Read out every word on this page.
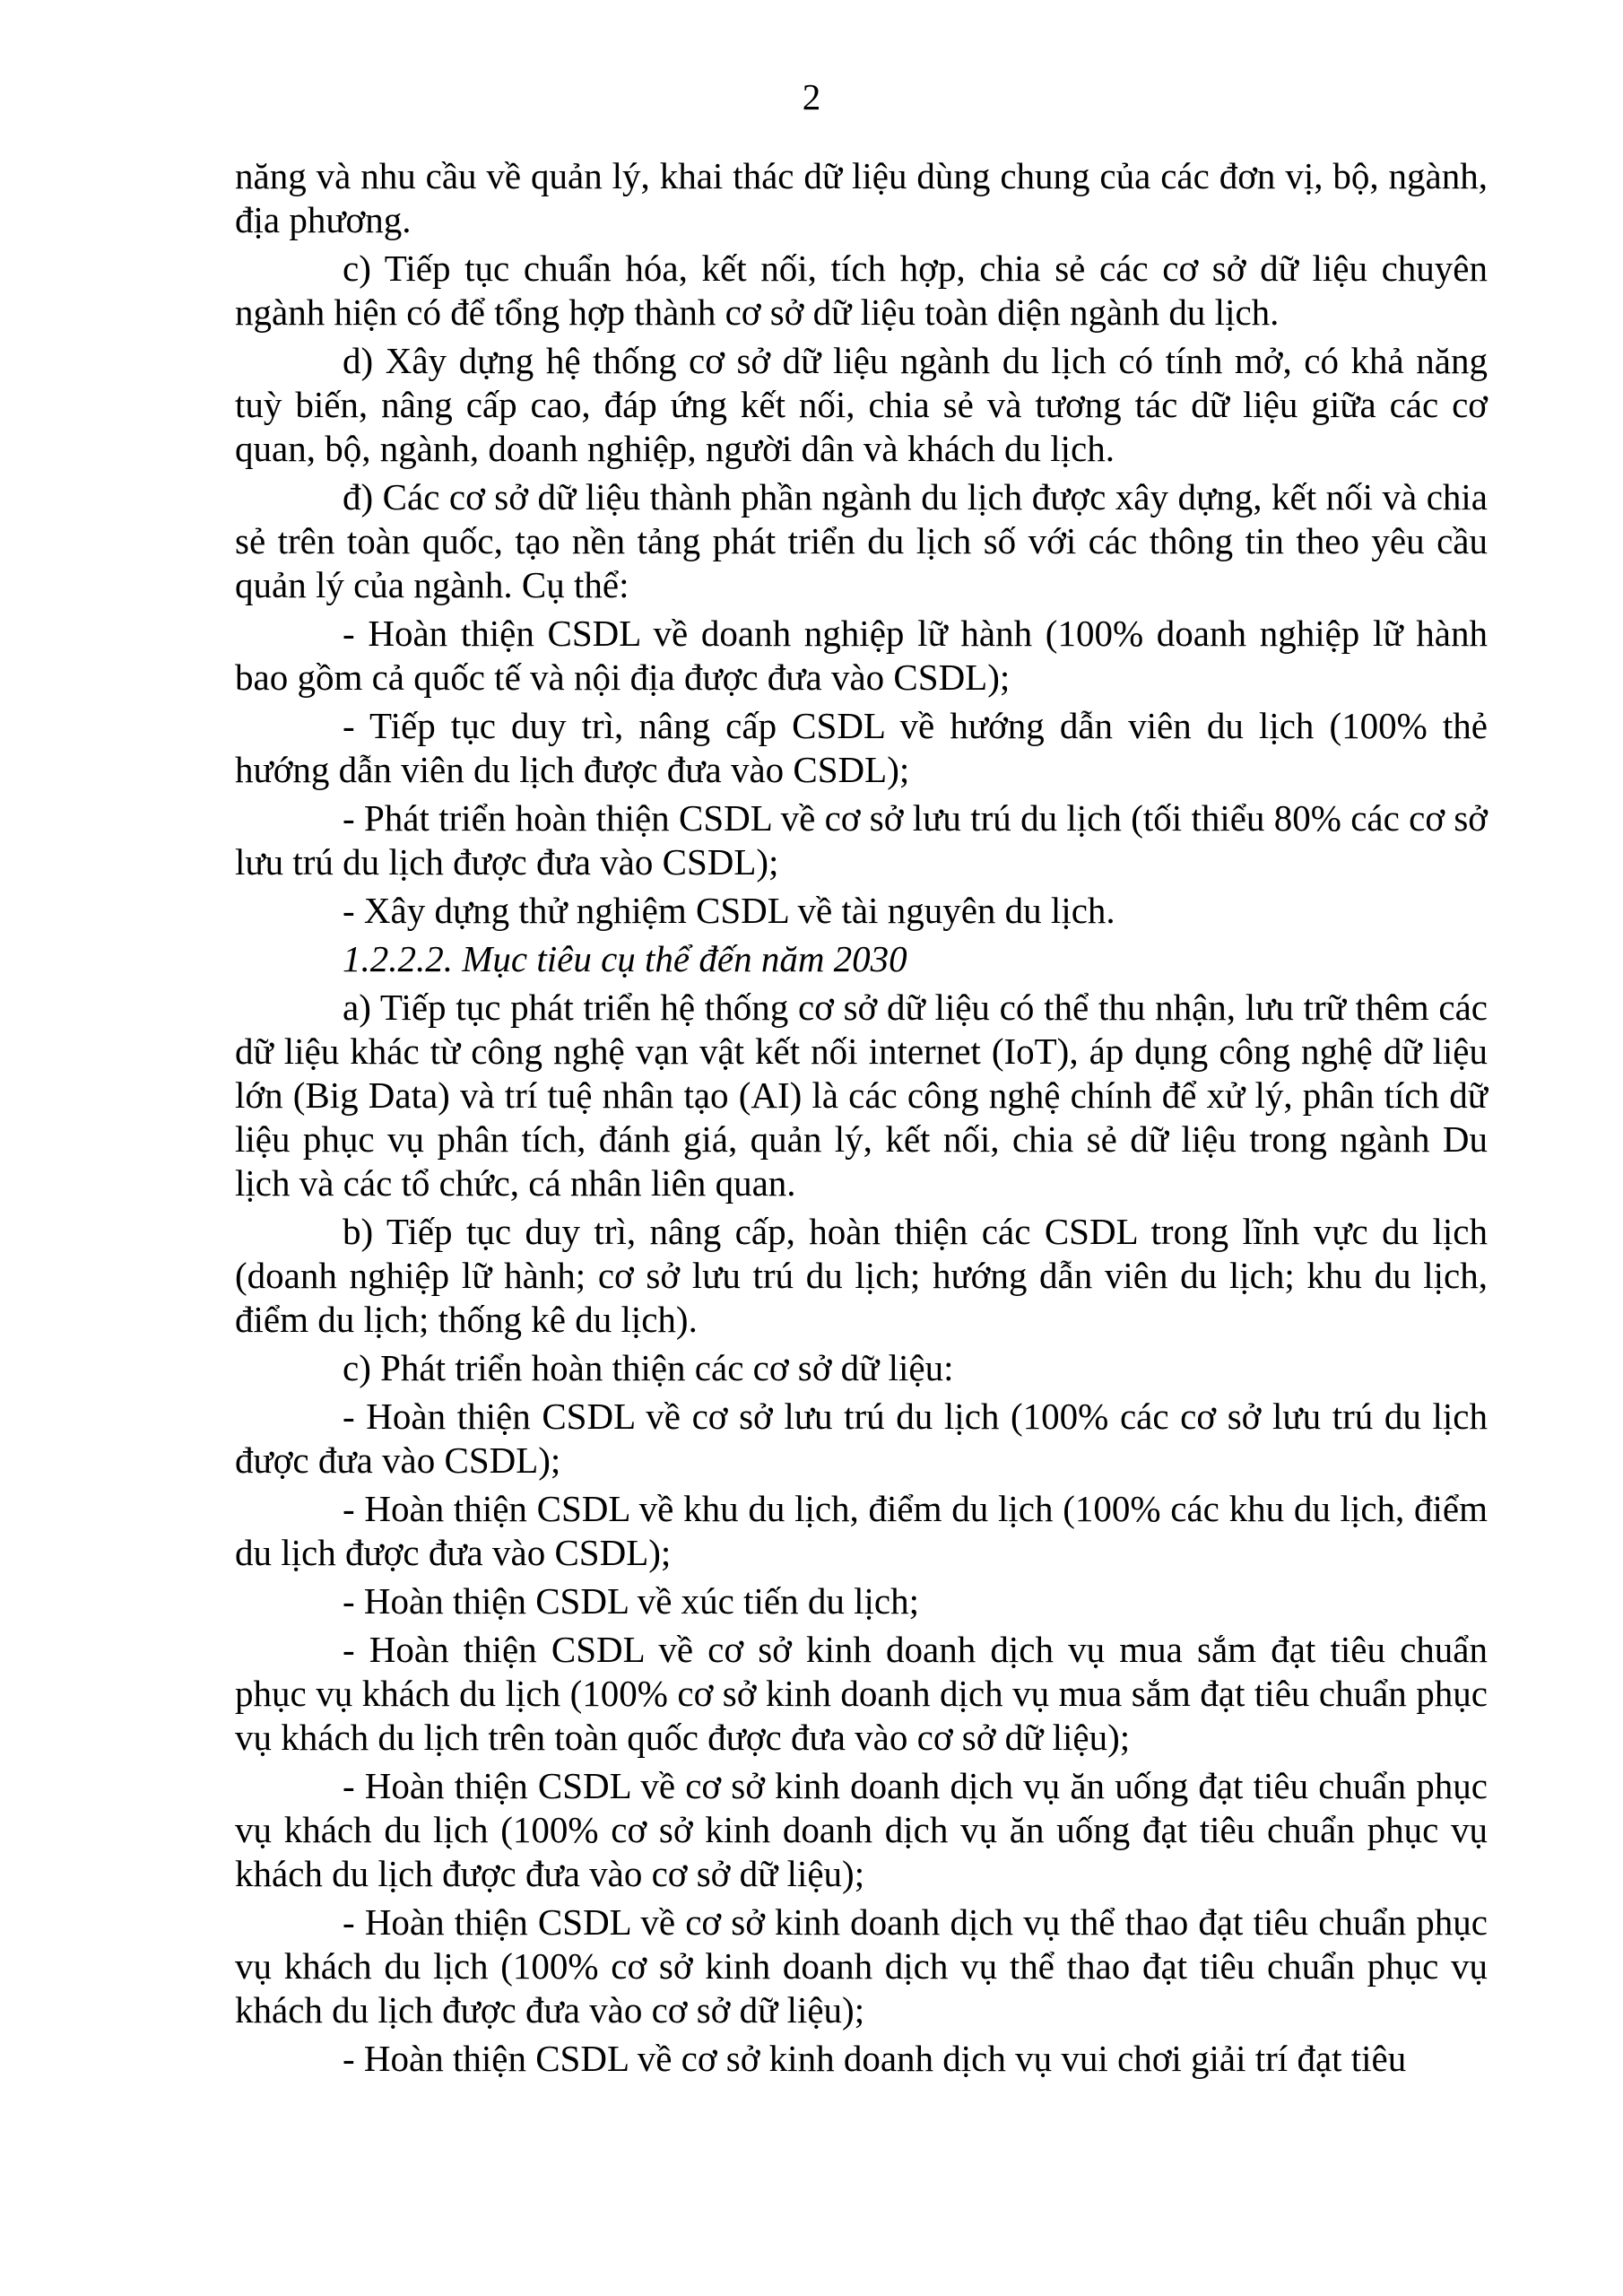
2

năng và nhu cầu về quản lý, khai thác dữ liệu dùng chung của các đơn vị, bộ, ngành, địa phương.

c) Tiếp tục chuẩn hóa, kết nối, tích hợp, chia sẻ các cơ sở dữ liệu chuyên ngành hiện có để tổng hợp thành cơ sở dữ liệu toàn diện ngành du lịch.

d) Xây dựng hệ thống cơ sở dữ liệu ngành du lịch có tính mở, có khả năng tuỳ biến, nâng cấp cao, đáp ứng kết nối, chia sẻ và tương tác dữ liệu giữa các cơ quan, bộ, ngành, doanh nghiệp, người dân và khách du lịch.

đ) Các cơ sở dữ liệu thành phần ngành du lịch được xây dựng, kết nối và chia sẻ trên toàn quốc, tạo nền tảng phát triển du lịch số với các thông tin theo yêu cầu quản lý của ngành. Cụ thể:

- Hoàn thiện CSDL về doanh nghiệp lữ hành (100% doanh nghiệp lữ hành bao gồm cả quốc tế và nội địa được đưa vào CSDL);

- Tiếp tục duy trì, nâng cấp CSDL về hướng dẫn viên du lịch (100% thẻ hướng dẫn viên du lịch được đưa vào CSDL);

- Phát triển hoàn thiện CSDL về cơ sở lưu trú du lịch (tối thiểu 80% các cơ sở lưu trú du lịch được đưa vào CSDL);

- Xây dựng thử nghiệm CSDL về tài nguyên du lịch.

1.2.2.2. Mục tiêu cụ thể đến năm 2030

a) Tiếp tục phát triển hệ thống cơ sở dữ liệu có thể thu nhận, lưu trữ thêm các dữ liệu khác từ công nghệ vạn vật kết nối internet (IoT), áp dụng công nghệ dữ liệu lớn (Big Data) và trí tuệ nhân tạo (AI) là các công nghệ chính để xử lý, phân tích dữ liệu phục vụ phân tích, đánh giá, quản lý, kết nối, chia sẻ dữ liệu trong ngành Du lịch và các tổ chức, cá nhân liên quan.

b) Tiếp tục duy trì, nâng cấp, hoàn thiện các CSDL trong lĩnh vực du lịch (doanh nghiệp lữ hành; cơ sở lưu trú du lịch; hướng dẫn viên du lịch; khu du lịch, điểm du lịch; thống kê du lịch).

c) Phát triển hoàn thiện các cơ sở dữ liệu:

- Hoàn thiện CSDL về cơ sở lưu trú du lịch (100% các cơ sở lưu trú du lịch được đưa vào CSDL);

- Hoàn thiện CSDL về khu du lịch, điểm du lịch (100% các khu du lịch, điểm du lịch được đưa vào CSDL);

- Hoàn thiện CSDL về xúc tiến du lịch;

- Hoàn thiện CSDL về cơ sở kinh doanh dịch vụ mua sắm đạt tiêu chuẩn phục vụ khách du lịch (100% cơ sở kinh doanh dịch vụ mua sắm đạt tiêu chuẩn phục vụ khách du lịch trên toàn quốc được đưa vào cơ sở dữ liệu);

- Hoàn thiện CSDL về cơ sở kinh doanh dịch vụ ăn uống đạt tiêu chuẩn phục vụ khách du lịch (100% cơ sở kinh doanh dịch vụ ăn uống đạt tiêu chuẩn phục vụ khách du lịch được đưa vào cơ sở dữ liệu);

- Hoàn thiện CSDL về cơ sở kinh doanh dịch vụ thể thao đạt tiêu chuẩn phục vụ khách du lịch (100% cơ sở kinh doanh dịch vụ thể thao đạt tiêu chuẩn phục vụ khách du lịch được đưa vào cơ sở dữ liệu);

- Hoàn thiện CSDL về cơ sở kinh doanh dịch vụ vui chơi giải trí đạt tiêu
